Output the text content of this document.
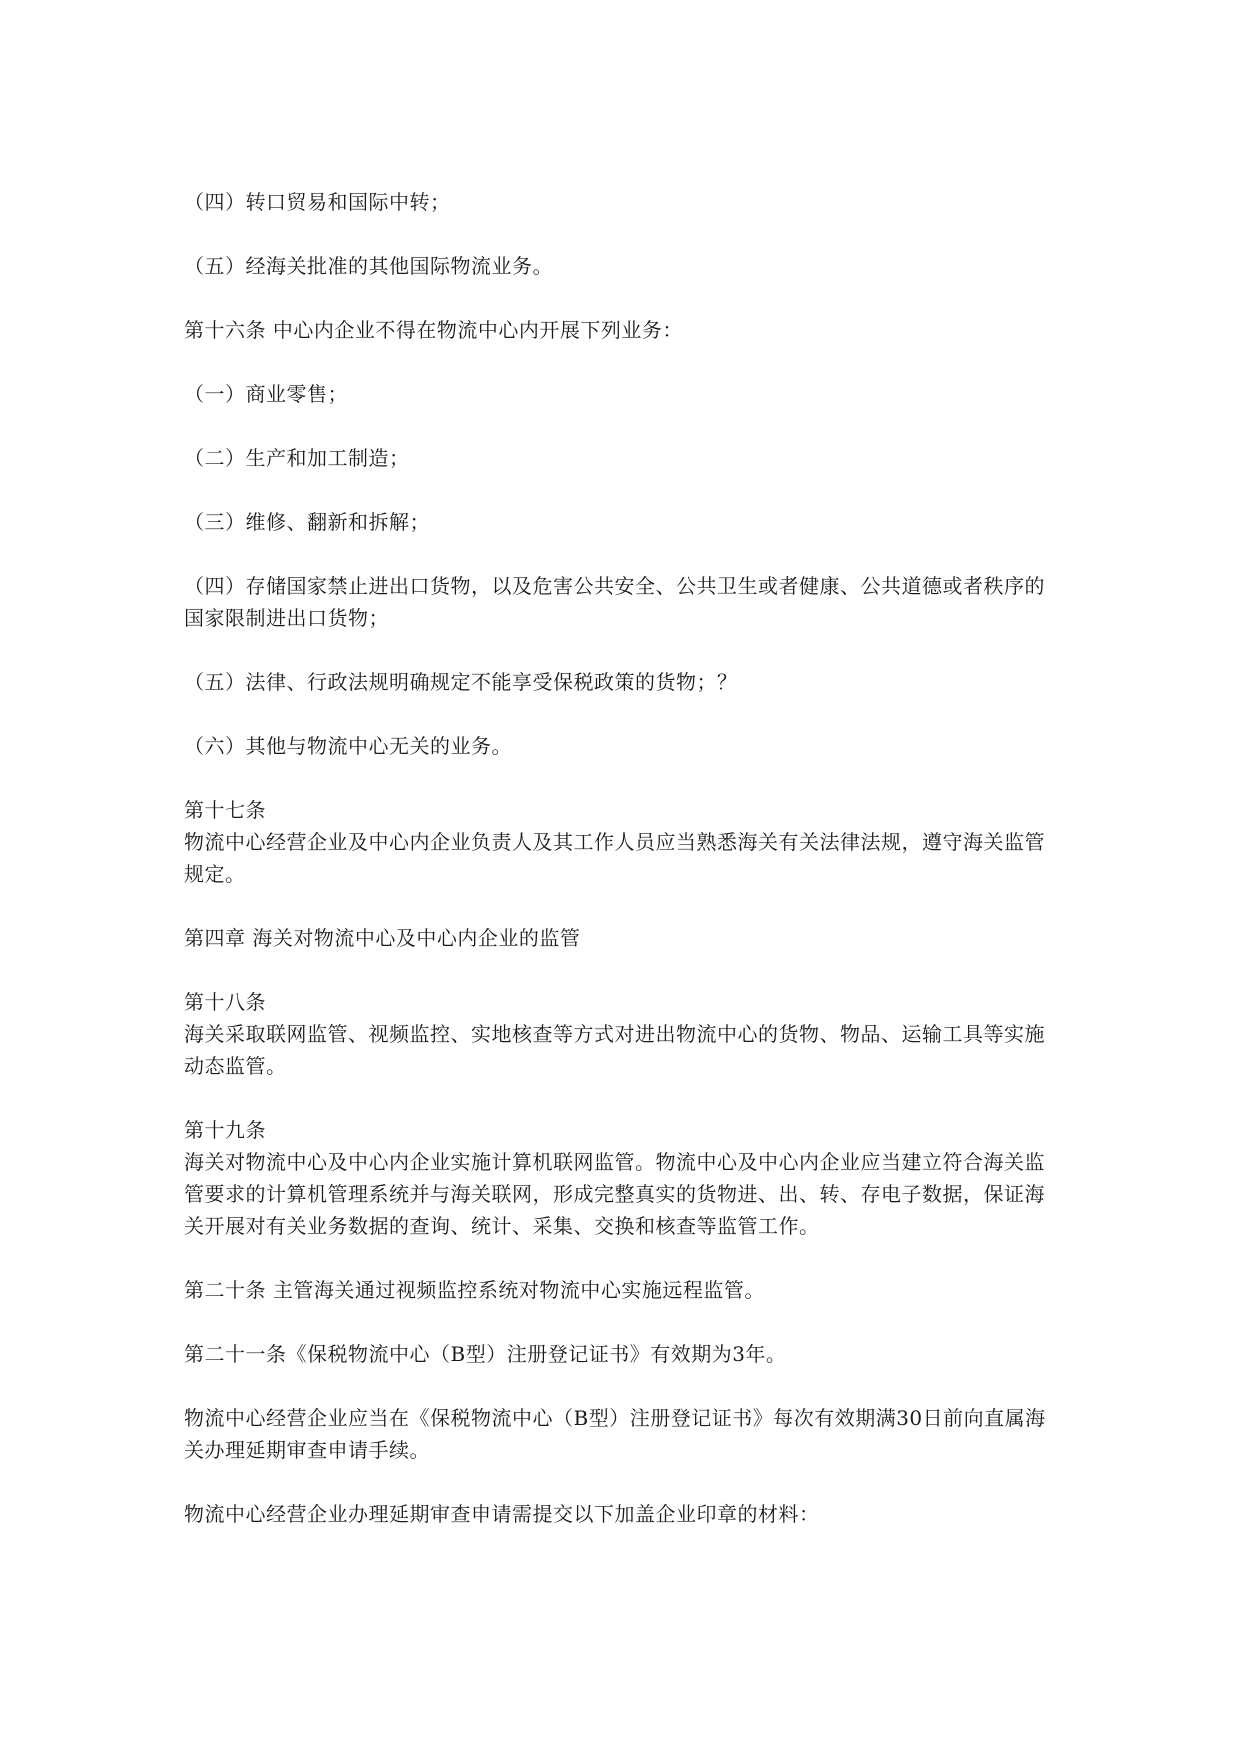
（四）转口贸易和国际中转；

（五）经海关批准的其他国际物流业务。

第十六条 中心内企业不得在物流中心内开展下列业务：

（一）商业零售；

（二）生产和加工制造；

（三）维修、翻新和拆解；

（四）存储国家禁止进出口货物，以及危害公共安全、公共卫生或者健康、公共道德或者秩序的国家限制进出口货物；

（五）法律、行政法规明确规定不能享受保税政策的货物；？

（六）其他与物流中心无关的业务。

第十七条
物流中心经营企业及中心内企业负责人及其工作人员应当熟悉海关有关法律法规，遵守海关监管规定。

第四章 海关对物流中心及中心内企业的监管

第十八条
海关采取联网监管、视频监控、实地核查等方式对进出物流中心的货物、物品、运输工具等实施动态监管。
第十九条
海关对物流中心及中心内企业实施计算机联网监管。物流中心及中心内企业应当建立符合海关监管要求的计算机管理系统并与海关联网，形成完整真实的货物进、出、转、存电子数据，保证海关开展对有关业务数据的查询、统计、采集、交换和核查等监管工作。

第二十条 主管海关通过视频监控系统对物流中心实施远程监管。

第二十一条《保税物流中心（B型）注册登记证书》有效期为3年。

物流中心经营企业应当在《保税物流中心（B型）注册登记证书》每次有效期满30日前向直属海关办理延期审查申请手续。

物流中心经营企业办理延期审查申请需提交以下加盖企业印章的材料：
